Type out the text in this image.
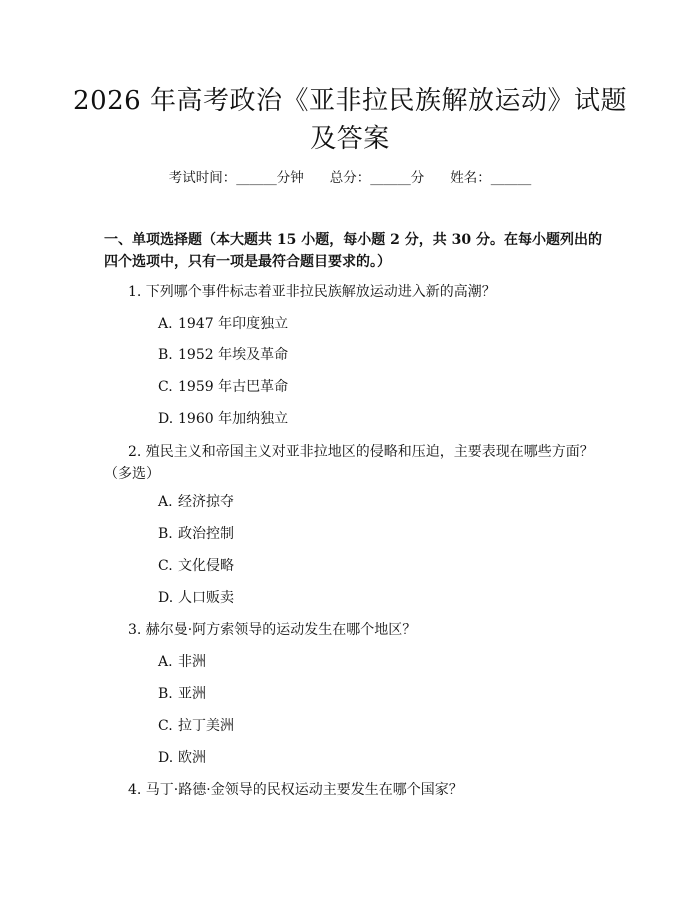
2026 年高考政治《亚非拉民族解放运动》试题及答案
考试时间：______分钟 总分：______分 姓名：______
一、单项选择题（本大题共 15 小题，每小题 2 分，共 30 分。在每小题列出的四个选项中，只有一项是最符合题目要求的。）
1. 下列哪个事件标志着亚非拉民族解放运动进入新的高潮？
A. 1947 年印度独立
B. 1952 年埃及革命
C. 1959 年古巴革命
D. 1960 年加纳独立
2. 殖民主义和帝国主义对亚非拉地区的侵略和压迫，主要表现在哪些方面？（多选）
A. 经济掠夺
B. 政治控制
C. 文化侵略
D. 人口贩卖
3. 赫尔曼·阿方索领导的运动发生在哪个地区？
A. 非洲
B. 亚洲
C. 拉丁美洲
D. 欧洲
4. 马丁·路德·金领导的民权运动主要发生在哪个国家？
